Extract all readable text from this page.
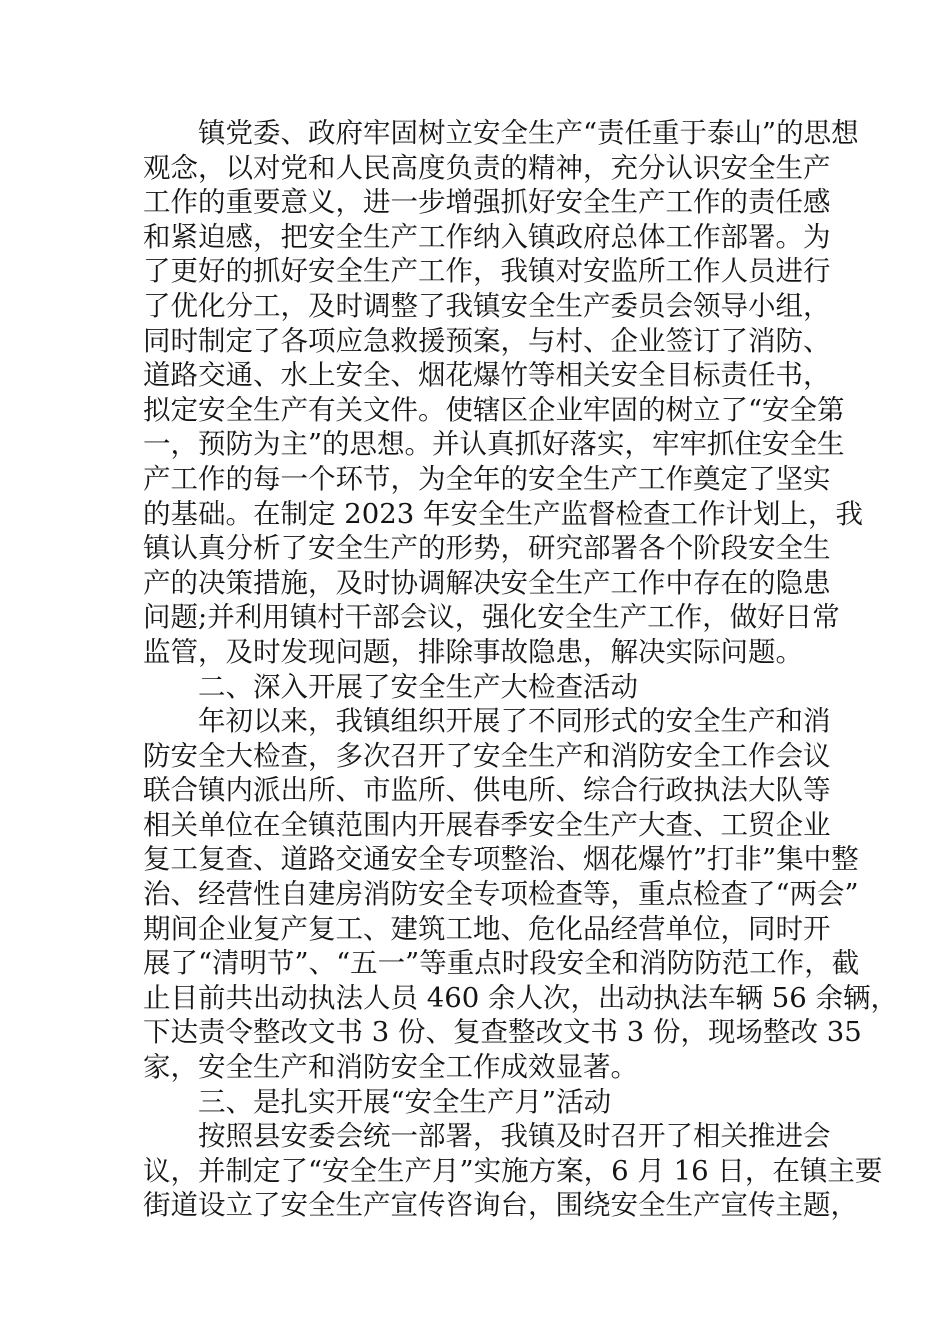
镇党委、政府牢固树立安全生产“责任重于泰山”的思想
观念，以对党和人民高度负责的精神，充分认识安全生产
工作的重要意义，进一步增强抓好安全生产工作的责任感
和紧迫感，把安全生产工作纳入镇政府总体工作部署。为
了更好的抓好安全生产工作，我镇对安监所工作人员进行
了优化分工，及时调整了我镇安全生产委员会领导小组，
同时制定了各项应急救援预案，与村、企业签订了消防、
道路交通、水上安全、烟花爆竹等相关安全目标责任书，
拟定安全生产有关文件。使辖区企业牢固的树立了“安全第
一，预防为主”的思想。并认真抓好落实，牢牢抓住安全生
产工作的每一个环节，为全年的安全生产工作奠定了坚实
的基础。在制定 2023 年安全生产监督检查工作计划上，我
镇认真分析了安全生产的形势，研究部署各个阶段安全生
产的决策措施，及时协调解决安全生产工作中存在的隐患
问题;并利用镇村干部会议，强化安全生产工作，做好日常
监管，及时发现问题，排除事故隐患，解决实际问题。
二、深入开展了安全生产大检查活动
年初以来，我镇组织开展了不同形式的安全生产和消
防安全大检查，多次召开了安全生产和消防安全工作会议
联合镇内派出所、市监所、供电所、综合行政执法大队等
相关单位在全镇范围内开展春季安全生产大查、工贸企业
复工复查、道路交通安全专项整治、烟花爆竹”打非”集中整
治、经营性自建房消防安全专项检查等，重点检查了“两会”
期间企业复产复工、建筑工地、危化品经营单位，同时开
展了“清明节”、“五一”等重点时段安全和消防防范工作，截
止目前共出动执法人员 460 余人次，出动执法车辆 56 余辆，
下达责令整改文书 3 份、复查整改文书 3 份，现场整改 35
家，安全生产和消防安全工作成效显著。
三、是扎实开展“安全生产月”活动
按照县安委会统一部署，我镇及时召开了相关推进会
议，并制定了“安全生产月”实施方案，6 月 16 日，在镇主要
街道设立了安全生产宣传咨询台，围绕安全生产宣传主题，
